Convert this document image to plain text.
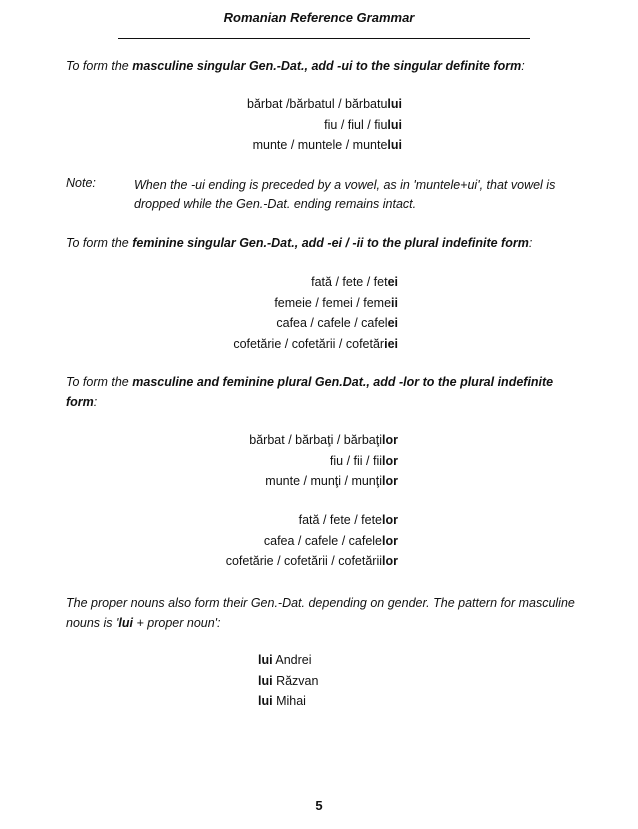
Romanian Reference Grammar
To form the masculine singular Gen.-Dat., add -ui to the singular definite form:
bărbat /bărbatul / bărbatului
fiu / fiul / fiului
munte / muntele / muntelui
Note:	When the -ui ending is preceded by a vowel, as in 'muntele+ui', that vowel is dropped while the Gen.-Dat. ending remains intact.
To form the feminine singular Gen.-Dat., add -ei / -ii to the plural indefinite form:
fată / fete / fetei
femeie / femei / femeii
cafea / cafele / cafelei
cofetărie / cofetării / cofetăriei
To form the masculine and feminine plural Gen.Dat., add -lor to the plural indefinite form:
bărbat / bărbaţi / bărbaţilor
fiu / fii / fiilor
munte / munţi / munţilor
fată / fete / fetelor
cafea / cafele / cafelelor
cofetărie / cofetării / cofetăriilor
The proper nouns also form their Gen.-Dat. depending on gender. The pattern for masculine nouns is 'lui + proper noun':
lui Andrei
lui Răzvan
lui Mihai
5
